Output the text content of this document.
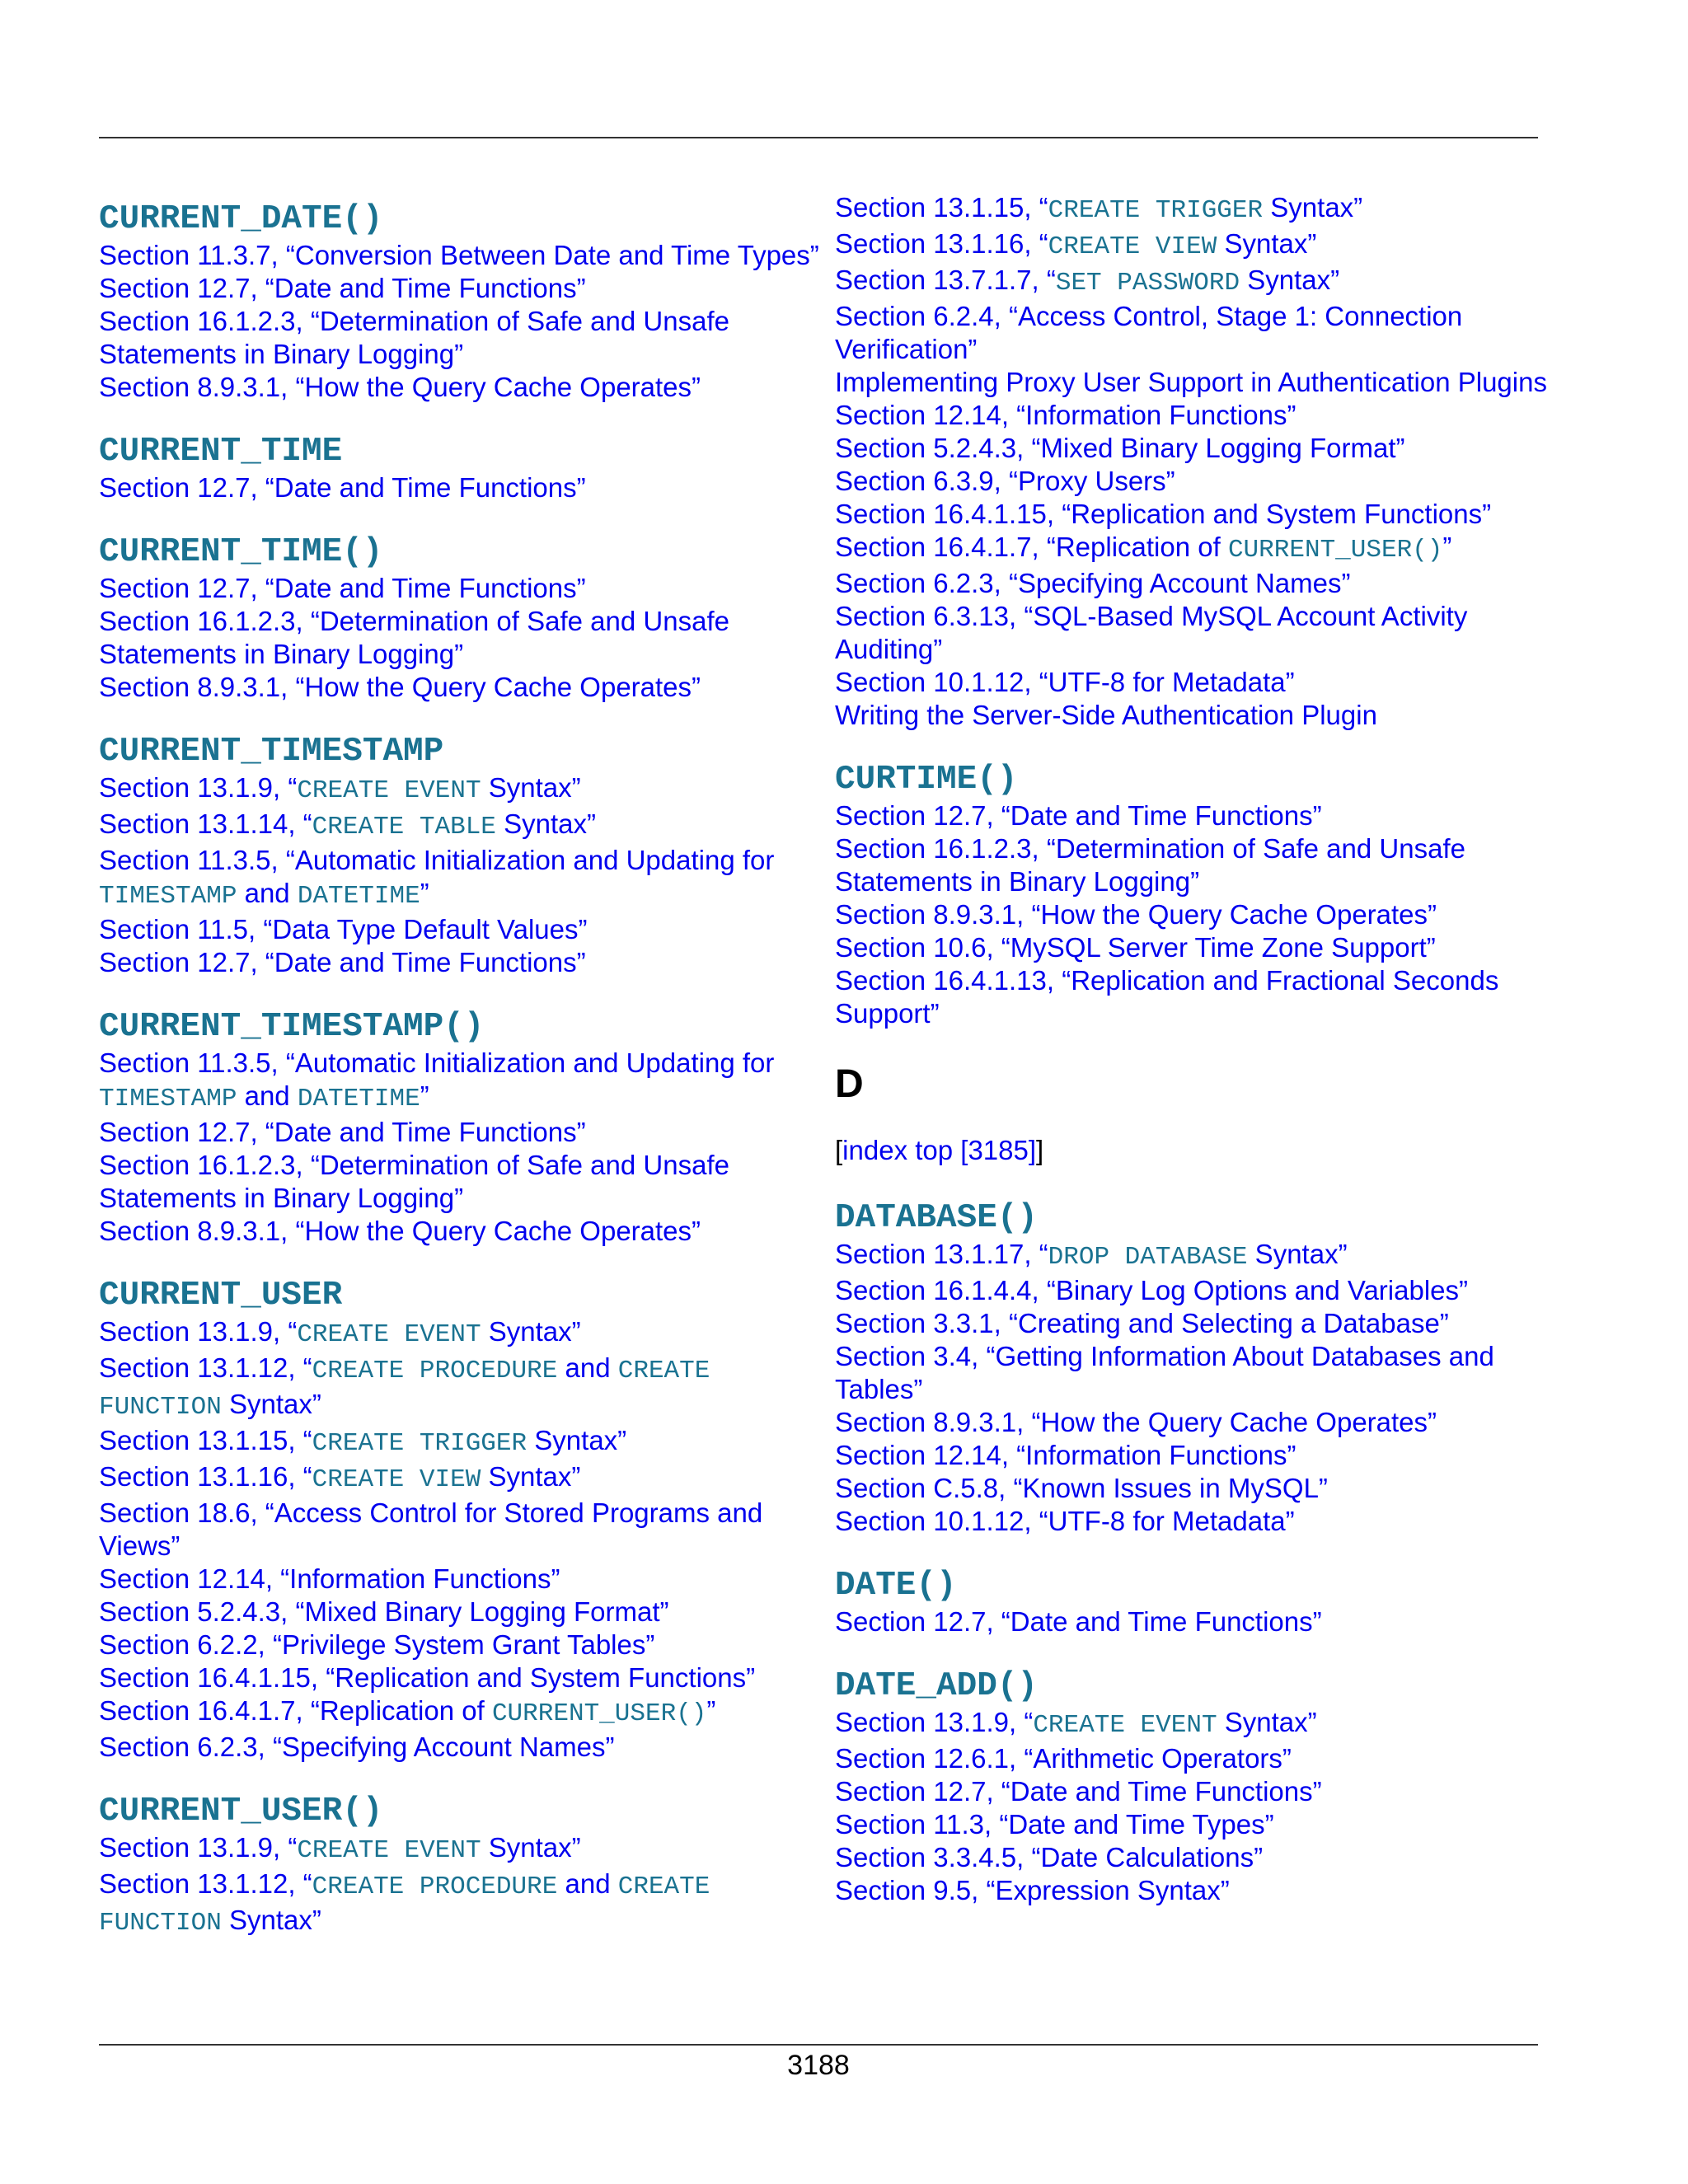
CURRENT_DATE()
Section 11.3.7, “Conversion Between Date and Time Types”
Section 12.7, “Date and Time Functions”
Section 16.1.2.3, “Determination of Safe and Unsafe Statements in Binary Logging”
Section 8.9.3.1, “How the Query Cache Operates”
CURRENT_TIME
Section 12.7, “Date and Time Functions”
CURRENT_TIME()
Section 12.7, “Date and Time Functions”
Section 16.1.2.3, “Determination of Safe and Unsafe Statements in Binary Logging”
Section 8.9.3.1, “How the Query Cache Operates”
CURRENT_TIMESTAMP
Section 13.1.9, “CREATE EVENT Syntax”
Section 13.1.14, “CREATE TABLE Syntax”
Section 11.3.5, “Automatic Initialization and Updating for TIMESTAMP and DATETIME”
Section 11.5, “Data Type Default Values”
Section 12.7, “Date and Time Functions”
CURRENT_TIMESTAMP()
Section 11.3.5, “Automatic Initialization and Updating for TIMESTAMP and DATETIME”
Section 12.7, “Date and Time Functions”
Section 16.1.2.3, “Determination of Safe and Unsafe Statements in Binary Logging”
Section 8.9.3.1, “How the Query Cache Operates”
CURRENT_USER
Section 13.1.9, “CREATE EVENT Syntax”
Section 13.1.12, “CREATE PROCEDURE and CREATE FUNCTION Syntax”
Section 13.1.15, “CREATE TRIGGER Syntax”
Section 13.1.16, “CREATE VIEW Syntax”
Section 18.6, “Access Control for Stored Programs and Views”
Section 12.14, “Information Functions”
Section 5.2.4.3, “Mixed Binary Logging Format”
Section 6.2.2, “Privilege System Grant Tables”
Section 16.4.1.15, “Replication and System Functions”
Section 16.4.1.7, “Replication of CURRENT_USER()”
Section 6.2.3, “Specifying Account Names”
CURRENT_USER()
Section 13.1.9, “CREATE EVENT Syntax”
Section 13.1.12, “CREATE PROCEDURE and CREATE FUNCTION Syntax”
Section 13.1.15, “CREATE TRIGGER Syntax”
Section 13.1.16, “CREATE VIEW Syntax”
Section 13.7.1.7, “SET PASSWORD Syntax”
Section 6.2.4, “Access Control, Stage 1: Connection Verification”
Implementing Proxy User Support in Authentication Plugins
Section 12.14, “Information Functions”
Section 5.2.4.3, “Mixed Binary Logging Format”
Section 6.3.9, “Proxy Users”
Section 16.4.1.15, “Replication and System Functions”
Section 16.4.1.7, “Replication of CURRENT_USER()”
Section 6.2.3, “Specifying Account Names”
Section 6.3.13, “SQL-Based MySQL Account Activity Auditing”
Section 10.1.12, “UTF-8 for Metadata”
Writing the Server-Side Authentication Plugin
CURTIME()
Section 12.7, “Date and Time Functions”
Section 16.1.2.3, “Determination of Safe and Unsafe Statements in Binary Logging”
Section 8.9.3.1, “How the Query Cache Operates”
Section 10.6, “MySQL Server Time Zone Support”
Section 16.4.1.13, “Replication and Fractional Seconds Support”
D
[index top [3185]]
DATABASE()
Section 13.1.17, “DROP DATABASE Syntax”
Section 16.1.4.4, “Binary Log Options and Variables”
Section 3.3.1, “Creating and Selecting a Database”
Section 3.4, “Getting Information About Databases and Tables”
Section 8.9.3.1, “How the Query Cache Operates”
Section 12.14, “Information Functions”
Section C.5.8, “Known Issues in MySQL”
Section 10.1.12, “UTF-8 for Metadata”
DATE()
Section 12.7, “Date and Time Functions”
DATE_ADD()
Section 13.1.9, “CREATE EVENT Syntax”
Section 12.6.1, “Arithmetic Operators”
Section 12.7, “Date and Time Functions”
Section 11.3, “Date and Time Types”
Section 3.3.4.5, “Date Calculations”
Section 9.5, “Expression Syntax”
3188
